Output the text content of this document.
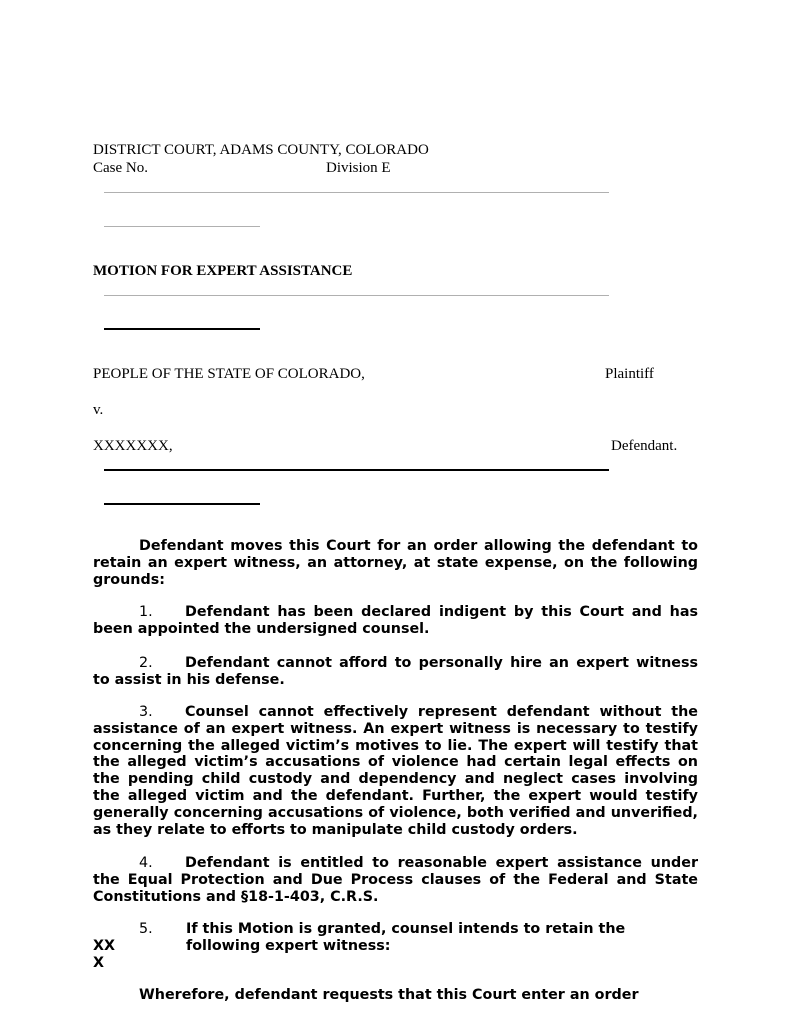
DISTRICT COURT, ADAMS COUNTY, COLORADO
Case No.	Division E
MOTION FOR EXPERT ASSISTANCE
PEOPLE OF THE STATE OF COLORADO,	Plaintiff
v.
XXXXXXX,	Defendant.
Defendant moves this Court for an order allowing the defendant to retain an expert witness, an attorney, at state expense, on the following grounds:
1. Defendant has been declared indigent by this Court and has been appointed the undersigned counsel.
2. Defendant cannot afford to personally hire an expert witness to assist in his defense.
3. Counsel cannot effectively represent defendant without the assistance of an expert witness. An expert witness is necessary to testify concerning the alleged victim’s motives to lie. The expert will testify that the alleged victim’s accusations of violence had certain legal effects on the pending child custody and dependency and neglect cases involving the alleged victim and the defendant. Further, the expert would testify generally concerning accusations of violence, both verified and unverified, as they relate to efforts to manipulate child custody orders.
4. Defendant is entitled to reasonable expert assistance under the Equal Protection and Due Process clauses of the Federal and State Constitutions and §18-1-403, C.R.S.
5.	If this Motion is granted, counsel intends to retain the following expert witness:
XX
X
Wherefore, defendant requests that this Court enter an order
